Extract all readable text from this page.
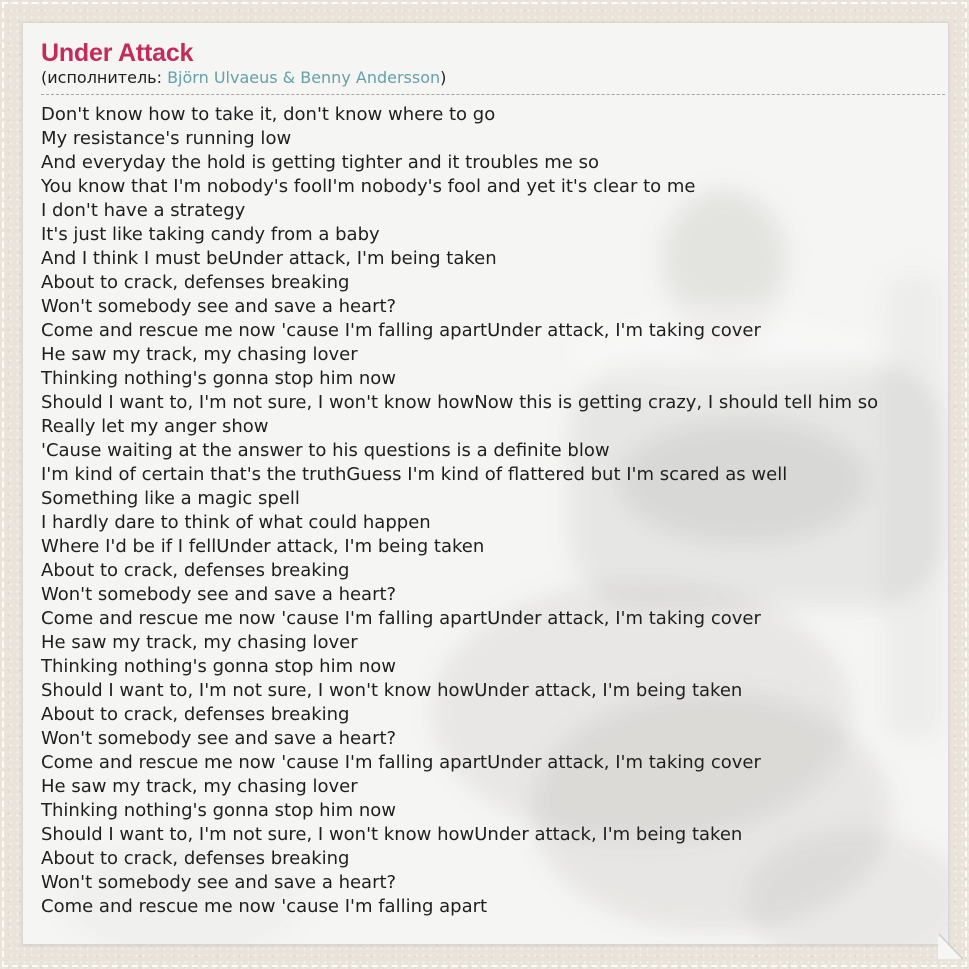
Under Attack
(исполнитель: Björn Ulvaeus & Benny Andersson)
Don't know how to take it, don't know where to go
My resistance's running low
And everyday the hold is getting tighter and it troubles me so
You know that I'm nobody's foolI'm nobody's fool and yet it's clear to me
I don't have a strategy
It's just like taking candy from a baby
And I think I must beUnder attack, I'm being taken
About to crack, defenses breaking
Won't somebody see and save a heart?
Come and rescue me now 'cause I'm falling apartUnder attack, I'm taking cover
He saw my track, my chasing lover
Thinking nothing's gonna stop him now
Should I want to, I'm not sure, I won't know howNow this is getting crazy, I should tell him so
Really let my anger show
'Cause waiting at the answer to his questions is a definite blow
I'm kind of certain that's the truthGuess I'm kind of flattered but I'm scared as well
Something like a magic spell
I hardly dare to think of what could happen
Where I'd be if I fellUnder attack, I'm being taken
About to crack, defenses breaking
Won't somebody see and save a heart?
Come and rescue me now 'cause I'm falling apartUnder attack, I'm taking cover
He saw my track, my chasing lover
Thinking nothing's gonna stop him now
Should I want to, I'm not sure, I won't know howUnder attack, I'm being taken
About to crack, defenses breaking
Won't somebody see and save a heart?
Come and rescue me now 'cause I'm falling apartUnder attack, I'm taking cover
He saw my track, my chasing lover
Thinking nothing's gonna stop him now
Should I want to, I'm not sure, I won't know howUnder attack, I'm being taken
About to crack, defenses breaking
Won't somebody see and save a heart?
Come and rescue me now 'cause I'm falling apart
